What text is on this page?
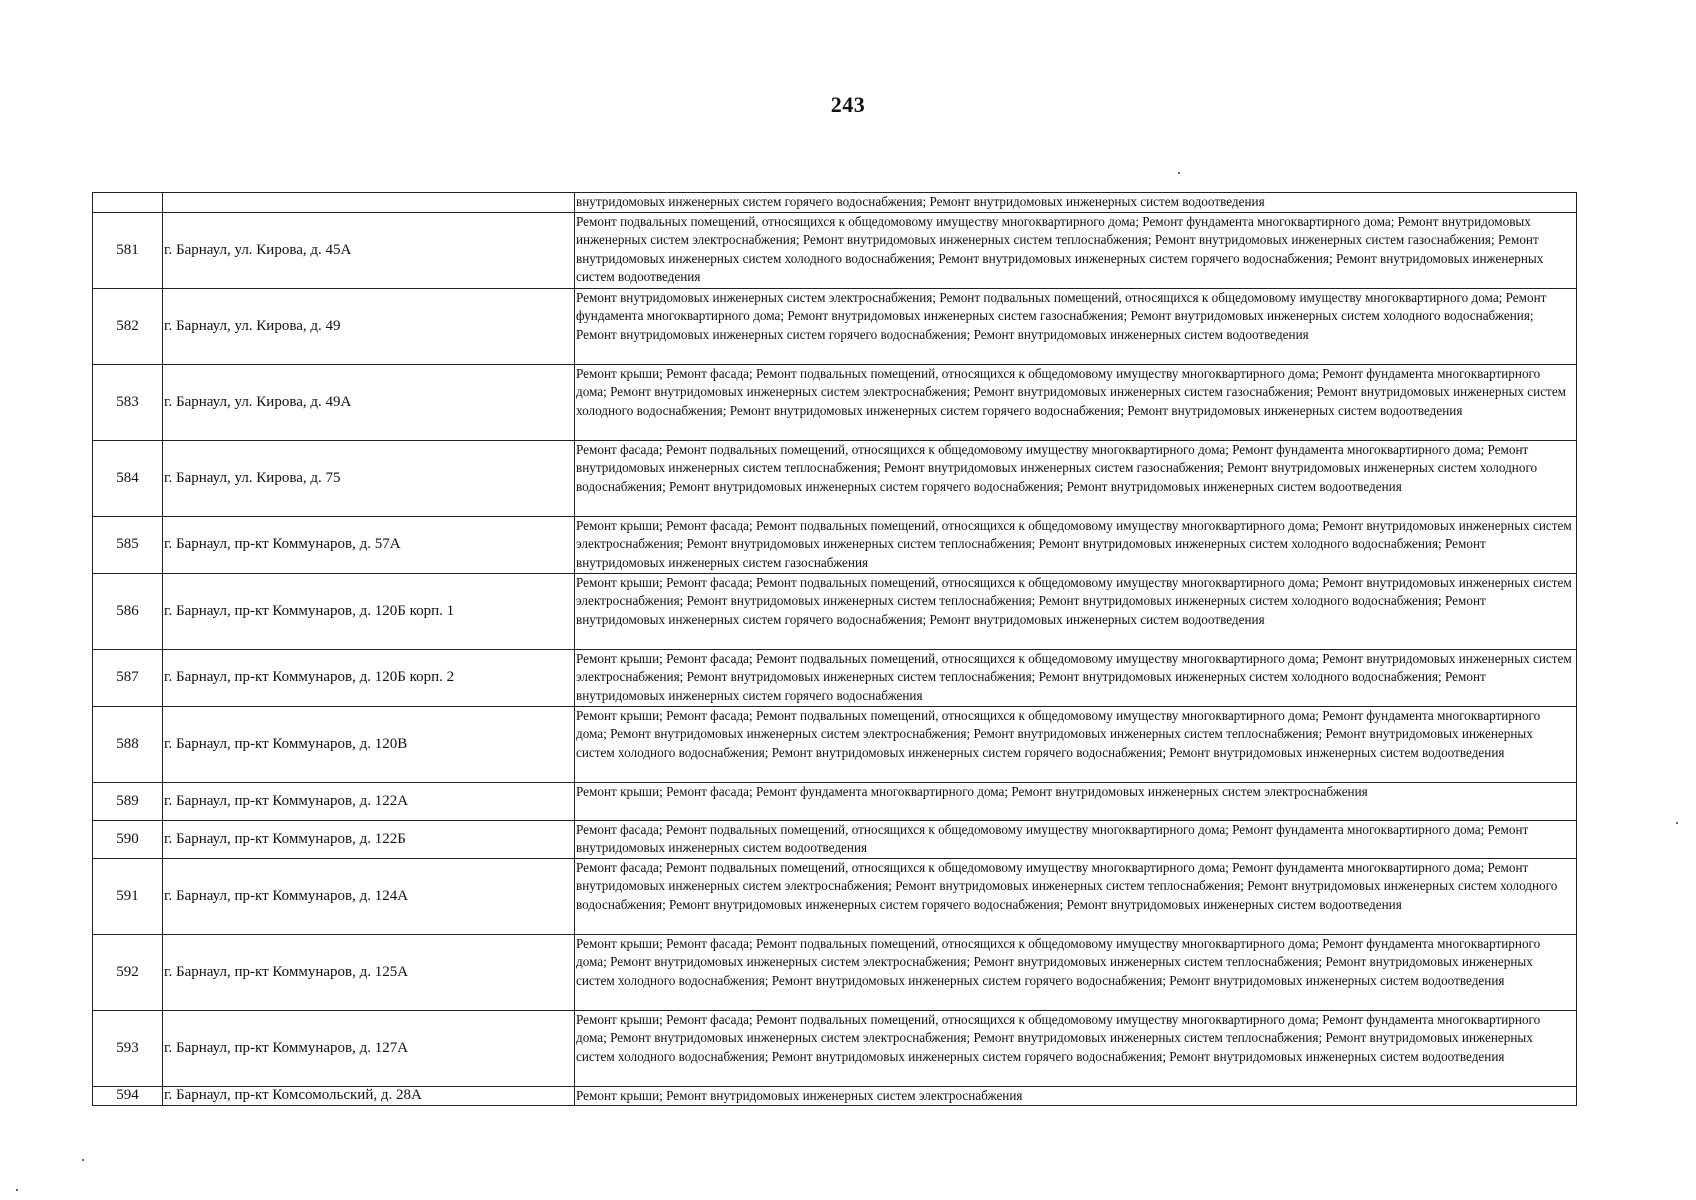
243
		внутридомовых инженерных систем горячего водоснабжения; Ремонт внутридомовых инженерных систем водоотведения
581	г. Барнаул, ул. Кирова, д. 45А	Ремонт подвальных помещений, относящихся к общедомовому имуществу многоквартирного дома; Ремонт фундамента многоквартирного дома; Ремонт внутридомовых инженерных систем электроснабжения; Ремонт внутридомовых инженерных систем теплоснабжения; Ремонт внутридомовых инженерных систем газоснабжения; Ремонт внутридомовых инженерных систем холодного водоснабжения; Ремонт внутридомовых инженерных систем горячего водоснабжения; Ремонт внутридомовых инженерных систем водоотведения
582	г. Барнаул, ул. Кирова, д. 49	Ремонт внутридомовых инженерных систем электроснабжения; Ремонт подвальных помещений, относящихся к общедомовому имуществу многоквартирного дома; Ремонт фундамента многоквартирного дома; Ремонт внутридомовых инженерных систем газоснабжения; Ремонт внутридомовых инженерных систем холодного водоснабжения; Ремонт внутридомовых инженерных систем горячего водоснабжения; Ремонт внутридомовых инженерных систем водоотведения
583	г. Барнаул, ул. Кирова, д. 49А	Ремонт крыши; Ремонт фасада; Ремонт подвальных помещений, относящихся к общедомовому имуществу многоквартирного дома; Ремонт фундамента многоквартирного дома; Ремонт внутридомовых инженерных систем электроснабжения; Ремонт внутридомовых инженерных систем газоснабжения; Ремонт внутридомовых инженерных систем холодного водоснабжения; Ремонт внутридомовых инженерных систем горячего водоснабжения; Ремонт внутридомовых инженерных систем водоотведения
584	г. Барнаул, ул. Кирова, д. 75	Ремонт фасада; Ремонт подвальных помещений, относящихся к общедомовому имуществу многоквартирного дома; Ремонт фундамента многоквартирного дома; Ремонт внутридомовых инженерных систем теплоснабжения; Ремонт внутридомовых инженерных систем газоснабжения; Ремонт внутридомовых инженерных систем холодного водоснабжения; Ремонт внутридомовых инженерных систем горячего водоснабжения; Ремонт внутридомовых инженерных систем водоотведения
585	г. Барнаул, пр-кт Коммунаров, д. 57А	Ремонт крыши; Ремонт фасада; Ремонт подвальных помещений, относящихся к общедомовому имуществу многоквартирного дома; Ремонт внутридомовых инженерных систем электроснабжения; Ремонт внутридомовых инженерных систем теплоснабжения; Ремонт внутридомовых инженерных систем холодного водоснабжения; Ремонт внутридомовых инженерных систем газоснабжения
586	г. Барнаул, пр-кт Коммунаров, д. 120Б корп. 1	Ремонт крыши; Ремонт фасада; Ремонт подвальных помещений, относящихся к общедомовому имуществу многоквартирного дома; Ремонт внутридомовых инженерных систем электроснабжения; Ремонт внутридомовых инженерных систем теплоснабжения; Ремонт внутридомовых инженерных систем холодного водоснабжения; Ремонт внутридомовых инженерных систем горячего водоснабжения; Ремонт внутридомовых инженерных систем водоотведения
587	г. Барнаул, пр-кт Коммунаров, д. 120Б корп. 2	Ремонт крыши; Ремонт фасада; Ремонт подвальных помещений, относящихся к общедомовому имуществу многоквартирного дома; Ремонт внутридомовых инженерных систем электроснабжения; Ремонт внутридомовых инженерных систем теплоснабжения; Ремонт внутридомовых инженерных систем холодного водоснабжения; Ремонт внутридомовых инженерных систем горячего водоснабжения
588	г. Барнаул, пр-кт Коммунаров, д. 120В	Ремонт крыши; Ремонт фасада; Ремонт подвальных помещений, относящихся к общедомовому имуществу многоквартирного дома; Ремонт фундамента многоквартирного дома; Ремонт внутридомовых инженерных систем электроснабжения; Ремонт внутридомовых инженерных систем теплоснабжения; Ремонт внутридомовых инженерных систем холодного водоснабжения; Ремонт внутридомовых инженерных систем горячего водоснабжения; Ремонт внутридомовых инженерных систем водоотведения
589	г. Барнаул, пр-кт Коммунаров, д. 122А	Ремонт крыши; Ремонт фасада; Ремонт фундамента многоквартирного дома; Ремонт внутридомовых инженерных систем электроснабжения
590	г. Барнаул, пр-кт Коммунаров, д. 122Б	Ремонт фасада; Ремонт подвальных помещений, относящихся к общедомовому имуществу многоквартирного дома; Ремонт фундамента многоквартирного дома; Ремонт внутридомовых инженерных систем водоотведения
591	г. Барнаул, пр-кт Коммунаров, д. 124А	Ремонт фасада; Ремонт подвальных помещений, относящихся к общедомовому имуществу многоквартирного дома; Ремонт фундамента многоквартирного дома; Ремонт внутридомовых инженерных систем электроснабжения; Ремонт внутридомовых инженерных систем теплоснабжения; Ремонт внутридомовых инженерных систем холодного водоснабжения; Ремонт внутридомовых инженерных систем горячего водоснабжения; Ремонт внутридомовых инженерных систем водоотведения
592	г. Барнаул, пр-кт Коммунаров, д. 125А	Ремонт крыши; Ремонт фасада; Ремонт подвальных помещений, относящихся к общедомовому имуществу многоквартирного дома; Ремонт фундамента многоквартирного дома; Ремонт внутридомовых инженерных систем электроснабжения; Ремонт внутридомовых инженерных систем теплоснабжения; Ремонт внутридомовых инженерных систем холодного водоснабжения; Ремонт внутридомовых инженерных систем горячего водоснабжения; Ремонт внутридомовых инженерных систем водоотведения
593	г. Барнаул, пр-кт Коммунаров, д. 127А	Ремонт крыши; Ремонт фасада; Ремонт подвальных помещений, относящихся к общедомовому имуществу многоквартирного дома; Ремонт фундамента многоквартирного дома; Ремонт внутридомовых инженерных систем электроснабжения; Ремонт внутридомовых инженерных систем теплоснабжения; Ремонт внутридомовых инженерных систем холодного водоснабжения; Ремонт внутридомовых инженерных систем горячего водоснабжения; Ремонт внутридомовых инженерных систем водоотведения
594	г. Барнаул, пр-кт Комсомольский, д. 28А	Ремонт крыши; Ремонт внутридомовых инженерных систем электроснабжения
